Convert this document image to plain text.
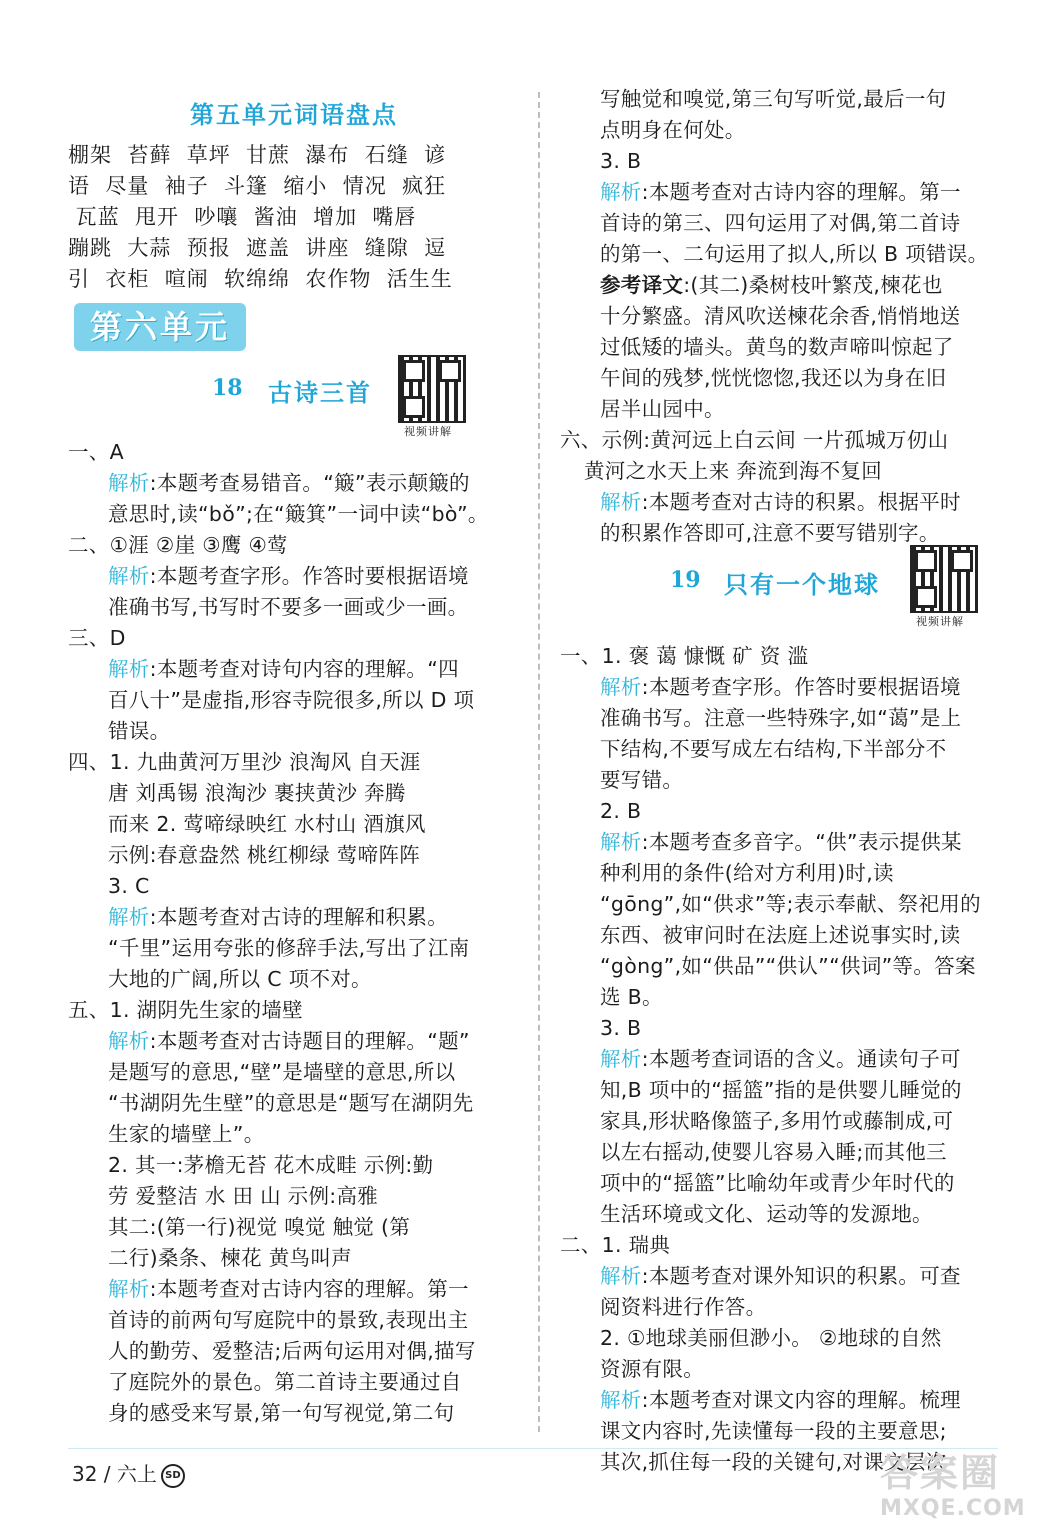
第五单元词语盘点
棚架  苔藓  草坪  甘蔗  瀑布  石缝  谚
语  尽量  袖子  斗篷  缩小  情况  疯狂
瓦蓝  甩开  吵嚷  酱油  增加  嘴唇
蹦跳  大蒜  预报  遮盖  讲座  缝隙  逗
引  衣柜  喧闹  软绵绵  农作物  活生生
第六单元
18 古诗三首
视频讲解
一、A
解析:本题考查易错音。“簸”表示颠簸的
意思时,读“bǒ”;在“簸箕”一词中读“bò”。
二、①涯 ②崖 ③鹰 ④莺
解析:本题考查字形。作答时要根据语境
准确书写,书写时不要多一画或少一画。
三、D
解析:本题考查对诗句内容的理解。“四
百八十”是虚指,形容寺院很多,所以 D 项
错误。
四、1. 九曲黄河万里沙 浪淘风 自天涯
唐 刘禹锡 浪淘沙 裹挟黄沙 奔腾
而来 2. 莺啼绿映红 水村山 酒旗风
示例:春意盎然 桃红柳绿 莺啼阵阵
3. C
解析:本题考查对古诗的理解和积累。
“千里”运用夸张的修辞手法,写出了江南
大地的广阔,所以 C 项不对。
五、1. 湖阴先生家的墙壁
解析:本题考查对古诗题目的理解。“题”
是题写的意思,“壁”是墙壁的意思,所以
“书湖阴先生壁”的意思是“题写在湖阴先
生家的墙壁上”。
2. 其一:茅檐无苔 花木成畦 示例:勤
劳 爱整洁 水 田 山 示例:高雅
其二:(第一行)视觉 嗅觉 触觉 (第
二行)桑条、楝花 黄鸟叫声
解析:本题考查对古诗内容的理解。第一
首诗的前两句写庭院中的景致,表现出主
人的勤劳、爱整洁;后两句运用对偶,描写
了庭院外的景色。第二首诗主要通过自
身的感受来写景,第一句写视觉,第二句
写触觉和嗅觉,第三句写听觉,最后一句
点明身在何处。
3. B
解析:本题考查对古诗内容的理解。第一
首诗的第三、四句运用了对偶,第二首诗
的第一、二句运用了拟人,所以 B 项错误。
参考译文:(其二)桑树枝叶繁茂,楝花也
十分繁盛。清风吹送楝花余香,悄悄地送
过低矮的墙头。黄鸟的数声啼叫惊起了
午间的残梦,恍恍惚惚,我还以为身在旧
居半山园中。
六、示例:黄河远上白云间 一片孤城万仞山
黄河之水天上来 奔流到海不复回
解析:本题考查对古诗的积累。根据平时
的积累作答即可,注意不要写错别字。
19 只有一个地球
视频讲解
一、1. 褒 蔼 慷慨 矿 资 滥
解析:本题考查字形。作答时要根据语境
准确书写。注意一些特殊字,如“蔼”是上
下结构,不要写成左右结构,下半部分不
要写错。
2. B
解析:本题考查多音字。“供”表示提供某
种利用的条件(给对方利用)时,读
“gōng”,如“供求”等;表示奉献、祭祀用的
东西、被审问时在法庭上述说事实时,读
“gòng”,如“供品”“供认”“供词”等。答案
选 B。
3. B
解析:本题考查词语的含义。通读句子可
知,B 项中的“摇篮”指的是供婴儿睡觉的
家具,形状略像篮子,多用竹或藤制成,可
以左右摇动,使婴儿容易入睡;而其他三
项中的“摇篮”比喻幼年或青少年时代的
生活环境或文化、运动等的发源地。
二、1. 瑞典
解析:本题考查对课外知识的积累。可查
阅资料进行作答。
2. ①地球美丽但渺小。 ②地球的自然
资源有限。
解析:本题考查对课文内容的理解。梳理
课文内容时,先读懂每一段的主要意思;
其次,抓住每一段的关键句,对课文层次
32 / 六上 SD	答案圈
MXQE.COM
